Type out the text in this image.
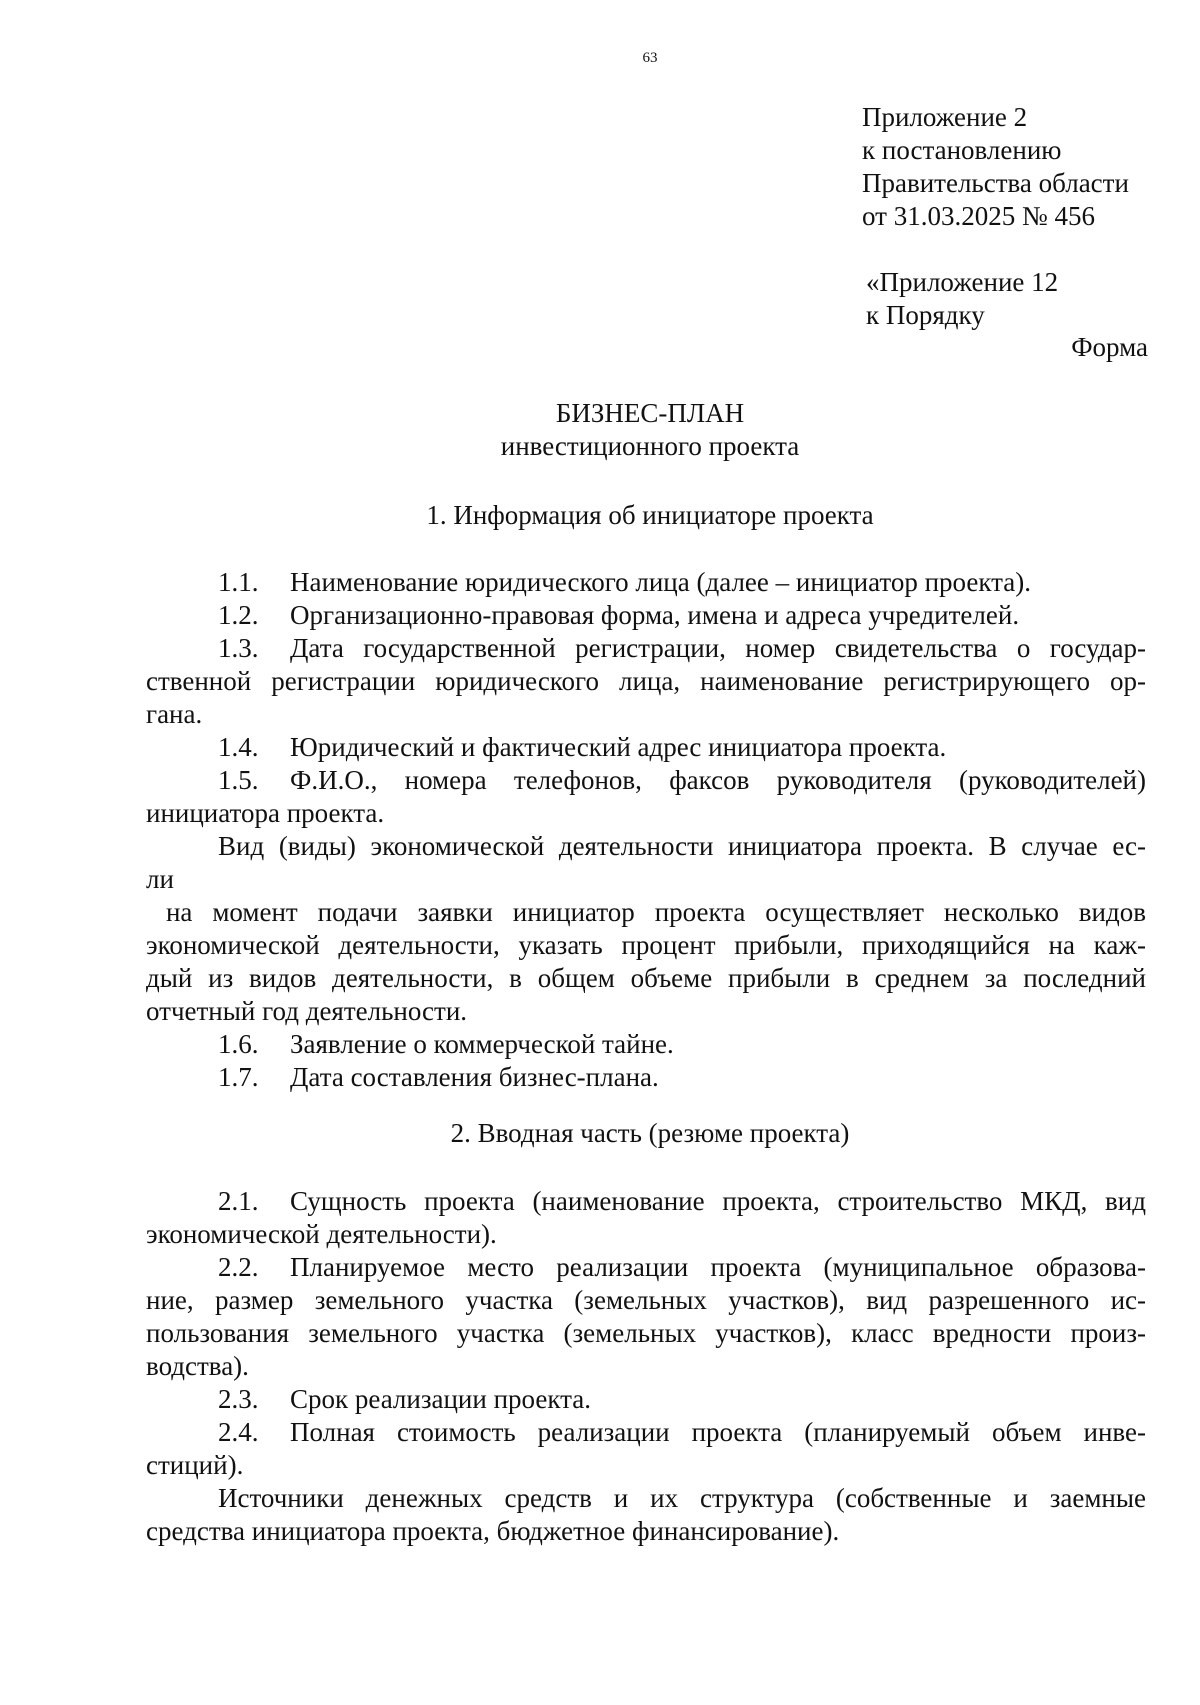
63
Приложение 2
к постановлению
Правительства области
от 31.03.2025 № 456
«Приложение 12
к Порядку
Форма
БИЗНЕС-ПЛАН
инвестиционного проекта
1. Информация об инициаторе проекта
1.1. Наименование юридического лица (далее – инициатор проекта).
1.2. Организационно-правовая форма, имена и адреса учредителей.
1.3. Дата государственной регистрации, номер свидетельства о государ-
ственной регистрации юридического лица, наименование регистрирующего ор-
гана.
1.4. Юридический и фактический адрес инициатора проекта.
1.5. Ф.И.О., номера телефонов, факсов руководителя (руководителей)
инициатора проекта.
Вид (виды) экономической деятельности инициатора проекта. В случае ес-
ли
на момент подачи заявки инициатор проекта осуществляет несколько видов
экономической деятельности, указать процент прибыли, приходящийся на каж-
дый из видов деятельности, в общем объеме прибыли в среднем за последний
отчетный год деятельности.
1.6. Заявление о коммерческой тайне.
1.7. Дата составления бизнес-плана.
2. Вводная часть (резюме проекта)
2.1. Сущность проекта (наименование проекта, строительство МКД, вид
экономической деятельности).
2.2. Планируемое место реализации проекта (муниципальное образова-
ние, размер земельного участка (земельных участков), вид разрешенного ис-
пользования земельного участка (земельных участков), класс вредности произ-
водства).
2.3. Срок реализации проекта.
2.4. Полная стоимость реализации проекта (планируемый объем инве-
стиций).
Источники денежных средств и их структура (собственные и заемные
средства инициатора проекта, бюджетное финансирование).
